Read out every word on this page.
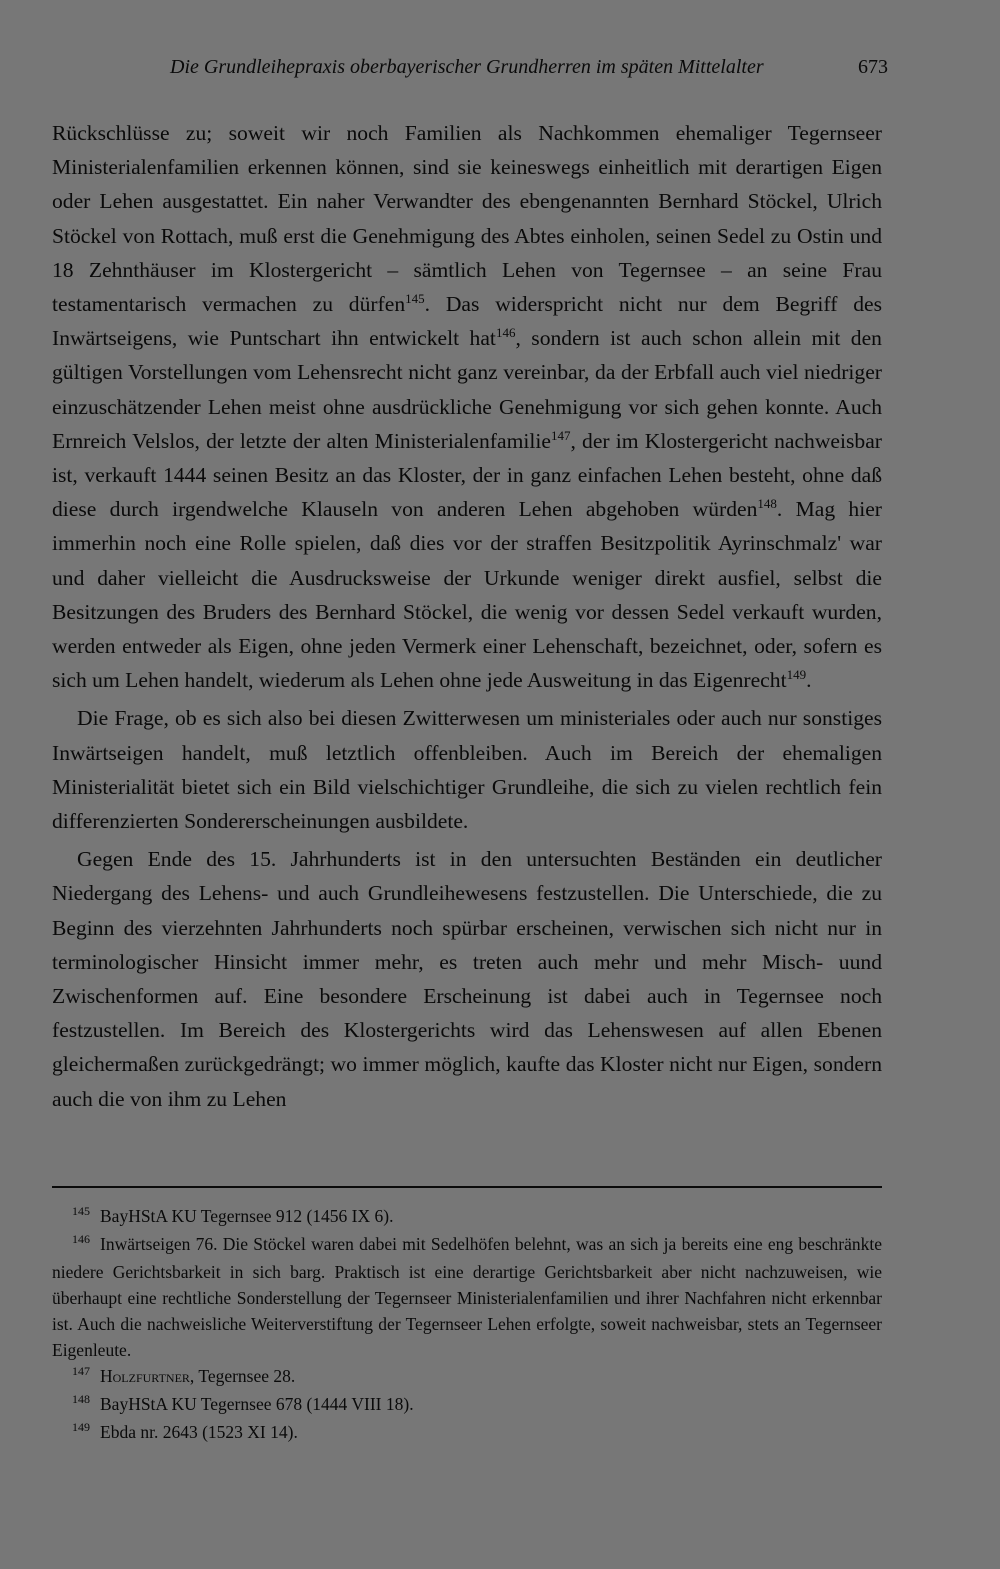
Die Grundleihepraxis oberbayerischer Grundherren im späten Mittelalter	673

Rückschlüsse zu; soweit wir noch Familien als Nachkommen ehemaliger Tegernseer Ministerialenfamilien erkennen können, sind sie keineswegs einheitlich mit derartigen Eigen oder Lehen ausgestattet. Ein naher Verwandter des ebengenannten Bernhard Stöckel, Ulrich Stöckel von Rottach, muß erst die Genehmigung des Abtes einholen, seinen Sedel zu Ostin und 18 Zehnthäuser im Klostergericht – sämtlich Lehen von Tegernsee – an seine Frau testamentarisch vermachen zu dürfen$^{145}$. Das widerspricht nicht nur dem Begriff des Inwärtseigens, wie Puntschart ihn entwickelt hat$^{146}$, sondern ist auch schon allein mit den gültigen Vorstellungen vom Lehensrecht nicht ganz vereinbar, da der Erbfall auch viel niedriger einzuschätzender Lehen meist ohne ausdrückliche Genehmigung vor sich gehen konnte. Auch Ernreich Velslos, der letzte der alten Ministerialenfamilie$^{147}$, der im Klostergericht nachweisbar ist, verkauft 1444 seinen Besitz an das Kloster, der in ganz einfachen Lehen besteht, ohne daß diese durch irgendwelche Klauseln von anderen Lehen abgehoben würden$^{148}$. Mag hier immerhin noch eine Rolle spielen, daß dies vor der straffen Besitzpolitik Ayrinschmalz' war und daher vielleicht die Ausdrucksweise der Urkunde weniger direkt ausfiel, selbst die Besitzungen des Bruders des Bernhard Stöckel, die wenig vor dessen Sedel verkauft wurden, werden entweder als Eigen, ohne jeden Vermerk einer Lehenschaft, bezeichnet, oder, sofern es sich um Lehen handelt, wiederum als Lehen ohne jede Ausweitung in das Eigenrecht$^{149}$.

Die Frage, ob es sich also bei diesen Zwitterwesen um ministeriales oder auch nur sonstiges Inwärtseigen handelt, muß letztlich offenbleiben. Auch im Bereich der ehemaligen Ministerialität bietet sich ein Bild vielschichtiger Grundleihe, die sich zu vielen rechtlich fein differenzierten Sondererscheinungen ausbildete.

Gegen Ende des 15. Jahrhunderts ist in den untersuchten Beständen ein deutlicher Niedergang des Lehens- und auch Grundleihewesens festzustellen. Die Unterschiede, die zu Beginn des vierzehnten Jahrhunderts noch spürbar erscheinen, verwischen sich nicht nur in terminologischer Hinsicht immer mehr, es treten auch mehr und mehr Misch- uund Zwischenformen auf. Eine besondere Erscheinung ist dabei auch in Tegernsee noch festzustellen. Im Bereich des Klostergerichts wird das Lehenswesen auf allen Ebenen gleichermaßen zurückgedrängt; wo immer möglich, kaufte das Kloster nicht nur Eigen, sondern auch die von ihm zu Lehen

145 BayHStA KU Tegernsee 912 (1456 IX 6).

146 Inwärtseigen 76. Die Stöckel waren dabei mit Sedelhöfen belehnt, was an sich ja bereits eine eng beschränkte niedere Gerichtsbarkeit in sich barg. Praktisch ist eine derartige Gerichtsbarkeit aber nicht nachzuweisen, wie überhaupt eine rechtliche Sonderstellung der Tegernseer Ministerialenfamilien und ihrer Nachfahren nicht erkennbar ist. Auch die nachweisliche Weiterverstiftung der Tegernseer Lehen erfolgte, soweit nachweisbar, stets an Tegernseer Eigenleute.

147 Holzfurtner, Tegernsee 28.

148 BayHStA KU Tegernsee 678 (1444 VIII 18).

149 Ebda nr. 2643 (1523 XI 14).
